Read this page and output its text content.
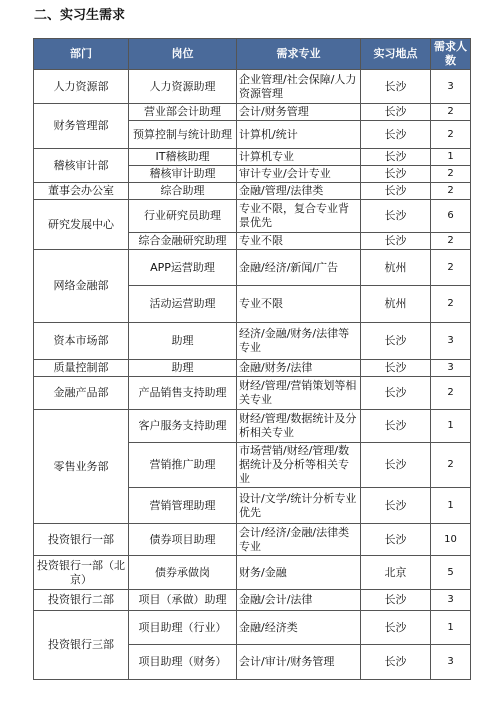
二、实习生需求
部门	岗位	需求专业	实习地点	需求人数
人力资源部	人力资源助理	企业管理/社会保障/人力资源管理	长沙	3
财务管理部	营业部会计助理	会计/财务管理	长沙	2
	预算控制与统计助理	计算机/统计	长沙	2
稽核审计部	IT稽核助理	计算机专业	长沙	1
	稽核审计助理	审计专业/会计专业	长沙	2
董事会办公室	综合助理	金融/管理/法律类	长沙	2
研究发展中心	行业研究员助理	专业不限，复合专业背景优先	长沙	6
	综合金融研究助理	专业不限	长沙	2
网络金融部	APP运营助理	金融/经济/新闻/广告	杭州	2
	活动运营助理	专业不限	杭州	2
资本市场部	助理	经济/金融/财务/法律等专业	长沙	3
质量控制部	助理	金融/财务/法律	长沙	3
金融产品部	产品销售支持助理	财经/管理/营销策划等相关专业	长沙	2
零售业务部	客户服务支持助理	财经/管理/数据统计及分析相关专业	长沙	1
	营销推广助理	市场营销/财经/管理/数据统计及分析等相关专业	长沙	2
	营销管理助理	设计/文学/统计分析专业优先	长沙	1
投资银行一部	债券项目助理	会计/经济/金融/法律类专业	长沙	10
投资银行一部（北京）	债券承做岗	财务/金融	北京	5
投资银行二部	项目（承做）助理	金融/会计/法律	长沙	3
投资银行三部	项目助理（行业）	金融/经济类	长沙	1
	项目助理（财务）	会计/审计/财务管理	长沙	3
